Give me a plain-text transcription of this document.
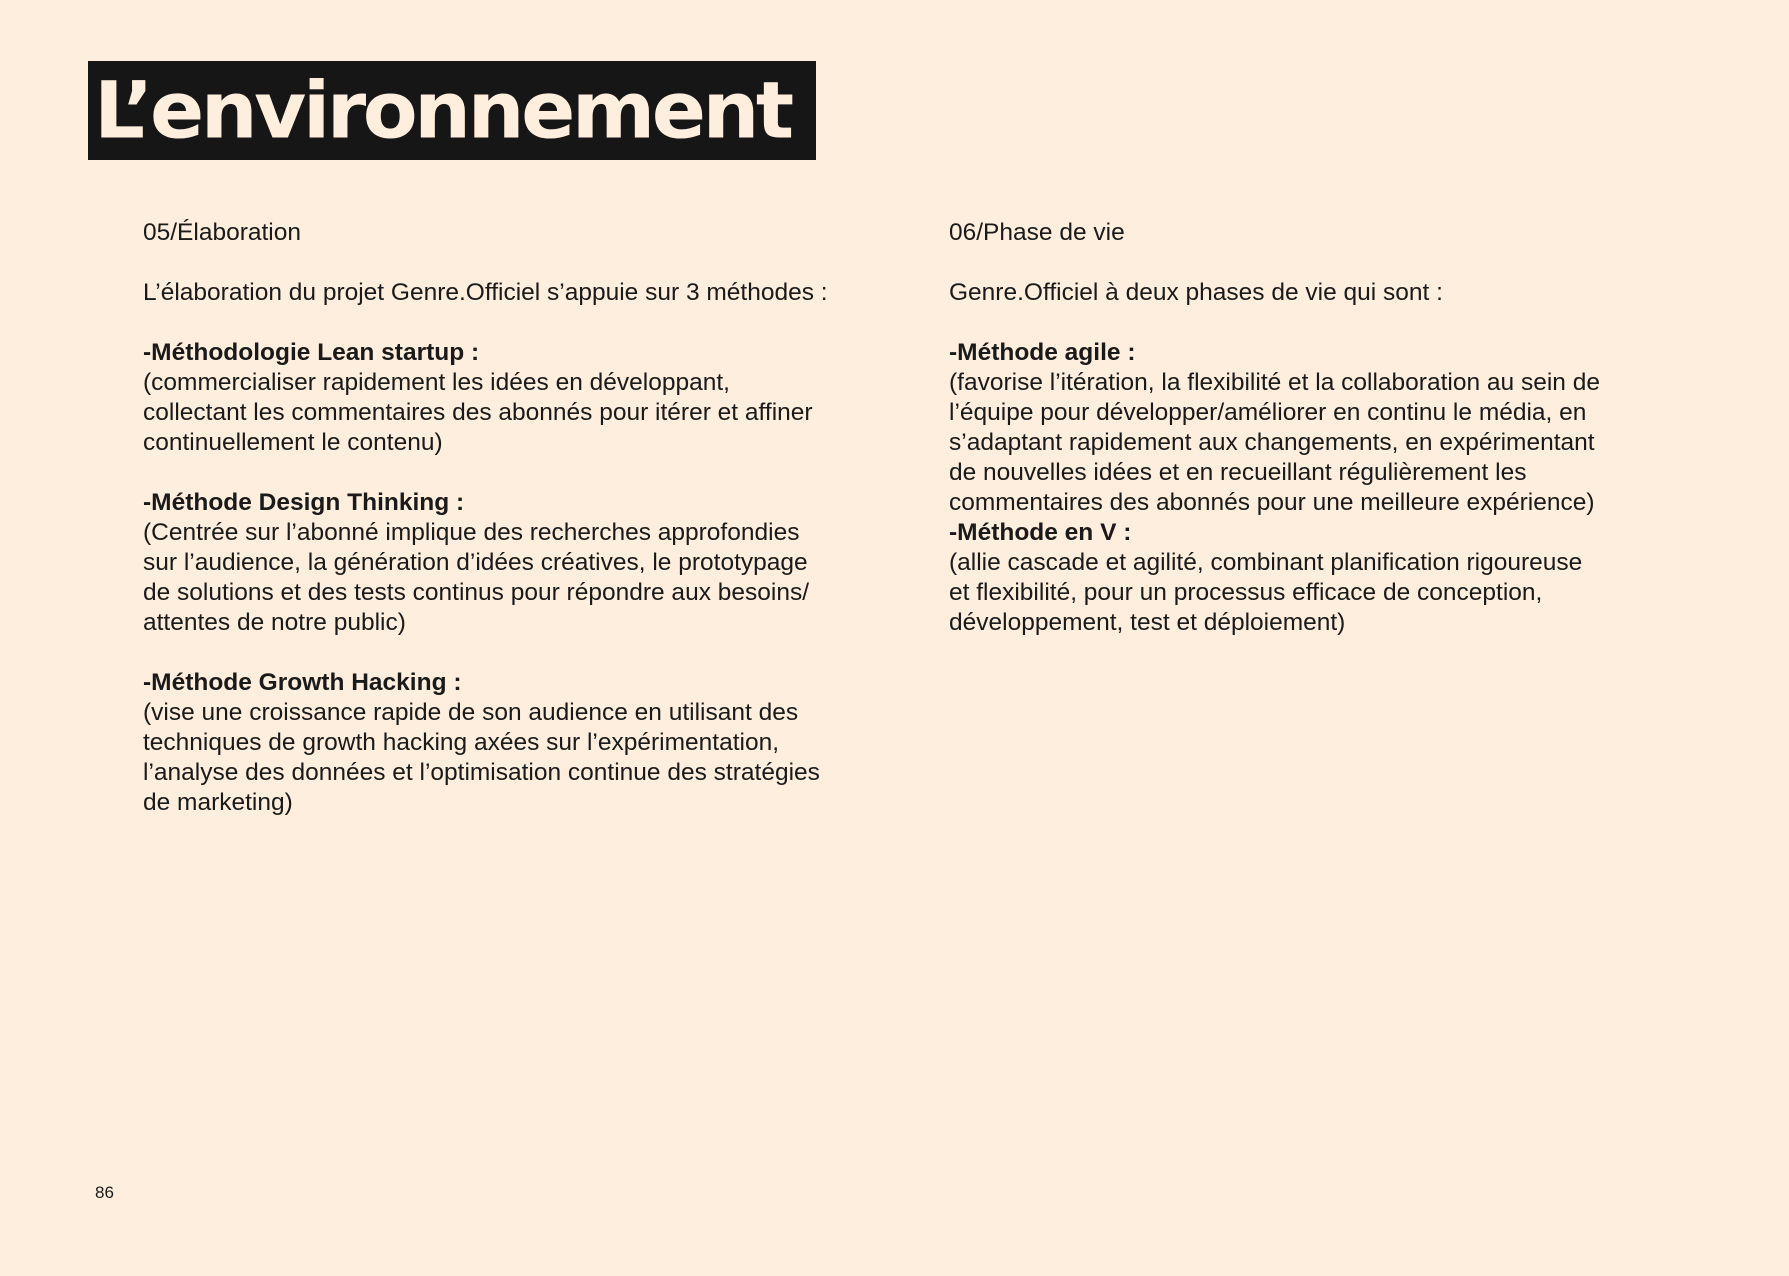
L’environnement

05/Élaboration

L’élaboration du projet Genre.Officiel s’appuie sur 3 méthodes :

-Méthodologie Lean startup :

(commercialiser rapidement les idées en développant,

collectant les commentaires des abonnés pour itérer et affiner

continuellement le contenu)

-Méthode Design Thinking :

(Centrée sur l’abonné implique des recherches approfondies

sur l’audience, la génération d’idées créatives, le prototypage

de solutions et des tests continus pour répondre aux besoins/

attentes de notre public)

-Méthode Growth Hacking :

(vise une croissance rapide de son audience en utilisant des

techniques de growth hacking axées sur l’expérimentation,

l’analyse des données et l’optimisation continue des stratégies

de marketing)

06/Phase de vie

Genre.Officiel à deux phases de vie qui sont :

-Méthode agile :

(favorise l’itération, la flexibilité et la collaboration au sein de

l’équipe pour développer/améliorer en continu le média, en

s’adaptant rapidement aux changements, en expérimentant

de nouvelles idées et en recueillant régulièrement les

commentaires des abonnés pour une meilleure expérience)

-Méthode en V :

(allie cascade et agilité, combinant planification rigoureuse

et flexibilité, pour un processus efficace de conception,

développement, test et déploiement)

86
